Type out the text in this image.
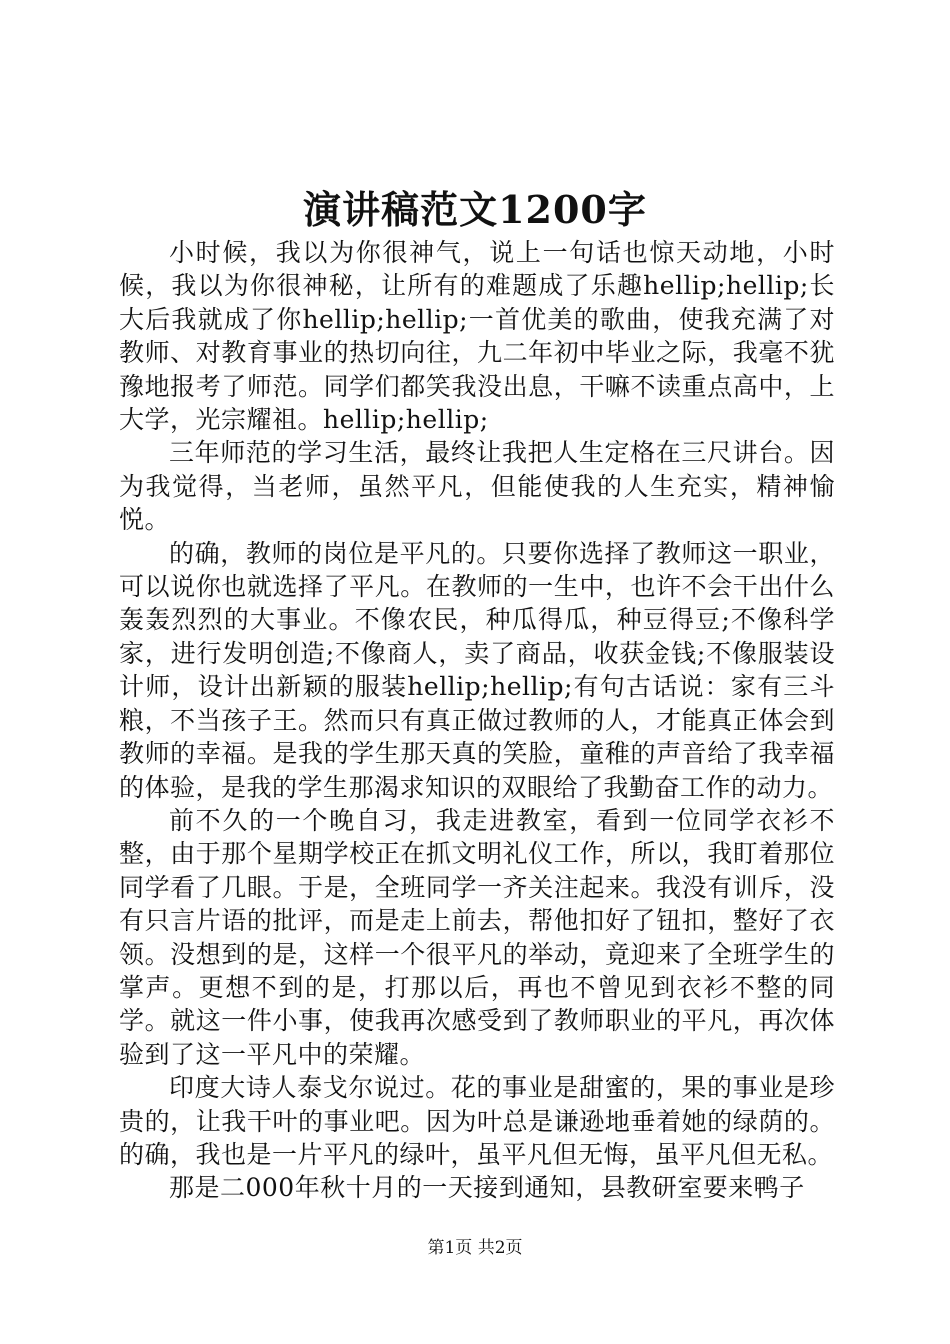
演讲稿范文1200字

小时候，我以为你很神气，说上一句话也惊天动地，小时候，我以为你很神秘，让所有的难题成了乐趣hellip;hellip;长大后我就成了你hellip;hellip;一首优美的歌曲，使我充满了对教师、对教育事业的热切向往，九二年初中毕业之际，我毫不犹豫地报考了师范。同学们都笑我没出息，干嘛不读重点高中，上大学，光宗耀祖。hellip;hellip;

三年师范的学习生活，最终让我把人生定格在三尺讲台。因为我觉得，当老师，虽然平凡，但能使我的人生充实，精神愉悦。

的确，教师的岗位是平凡的。只要你选择了教师这一职业，可以说你也就选择了平凡。在教师的一生中，也许不会干出什么轰轰烈烈的大事业。不像农民，种瓜得瓜，种豆得豆;不像科学家，进行发明创造;不像商人，卖了商品，收获金钱;不像服装设计师，设计出新颖的服装hellip;hellip;有句古话说：家有三斗粮，不当孩子王。然而只有真正做过教师的人，才能真正体会到教师的幸福。是我的学生那天真的笑脸，童稚的声音给了我幸福的体验，是我的学生那渴求知识的双眼给了我勤奋工作的动力。

前不久的一个晚自习，我走进教室，看到一位同学衣衫不整，由于那个星期学校正在抓文明礼仪工作，所以，我盯着那位同学看了几眼。于是，全班同学一齐关注起来。我没有训斥，没有只言片语的批评，而是走上前去，帮他扣好了钮扣，整好了衣领。没想到的是，这样一个很平凡的举动，竟迎来了全班学生的掌声。更想不到的是，打那以后，再也不曾见到衣衫不整的同学。就这一件小事，使我再次感受到了教师职业的平凡，再次体验到了这一平凡中的荣耀。

印度大诗人泰戈尔说过。花的事业是甜蜜的，果的事业是珍贵的，让我干叶的事业吧。因为叶总是谦逊地垂着她的绿荫的。的确，我也是一片平凡的绿叶，虽平凡但无悔，虽平凡但无私。

那是二000年秋十月的一天接到通知，县教研室要来鸭子

第1页 共2页
